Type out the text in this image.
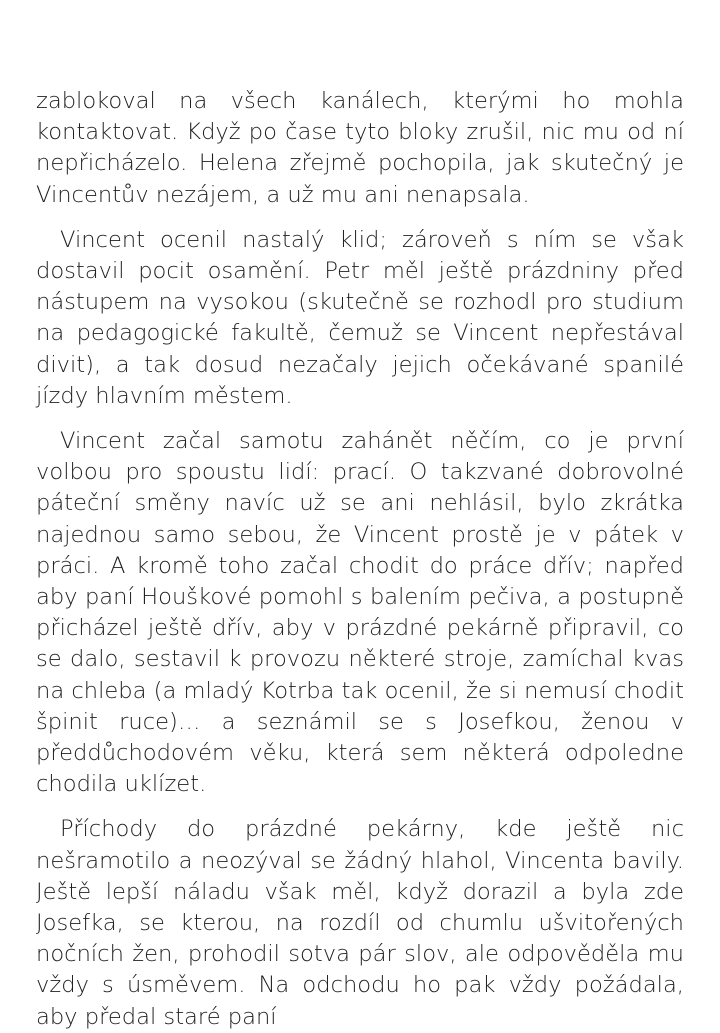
zablokoval na všech kanálech, kterými ho mohla kontaktovat. Když po čase tyto bloky zrušil, nic mu od ní nepřicházelo. Helena zřejmě pochopila, jak skutečný je Vincentův nezájem, a už mu ani nenapsala.

Vincent ocenil nastalý klid; zároveň s ním se však dostavil pocit osamění. Petr měl ještě prázdniny před nástupem na vysokou (skutečně se rozhodl pro studium na pedagogické fakultě, čemuž se Vincent nepřestával divit), a tak dosud nezačaly jejich očekávané spanilé jízdy hlavním městem.

Vincent začal samotu zahánět něčím, co je první volbou pro spoustu lidí: prací. O takzvané dobrovolné páteční směny navíc už se ani nehlásil, bylo zkrátka najednou samo sebou, že Vincent prostě je v pátek v práci. A kromě toho začal chodit do práce dřív; napřed aby paní Houškové pomohl s balením pečiva, a postupně přicházel ještě dřív, aby v prázdné pekárně připravil, co se dalo, sestavil k provozu některé stroje, zamíchal kvas na chleba (a mladý Kotrba tak ocenil, že si nemusí chodit špinit ruce)… a seznámil se s Josefkou, ženou v předdůchodovém věku, která sem některá odpoledne chodila uklízet.

Příchody do prázdné pekárny, kde ještě nic nešramotilo a neozýval se žádný hlahol, Vincenta bavily. Ještě lepší náladu však měl, když dorazil a byla zde Josefka, se kterou, na rozdíl od chumlu ušvitořených nočních žen, prohodil sotva pár slov, ale odpověděla mu vždy s úsměvem. Na odchodu ho pak vždy požádala, aby předal staré paní
